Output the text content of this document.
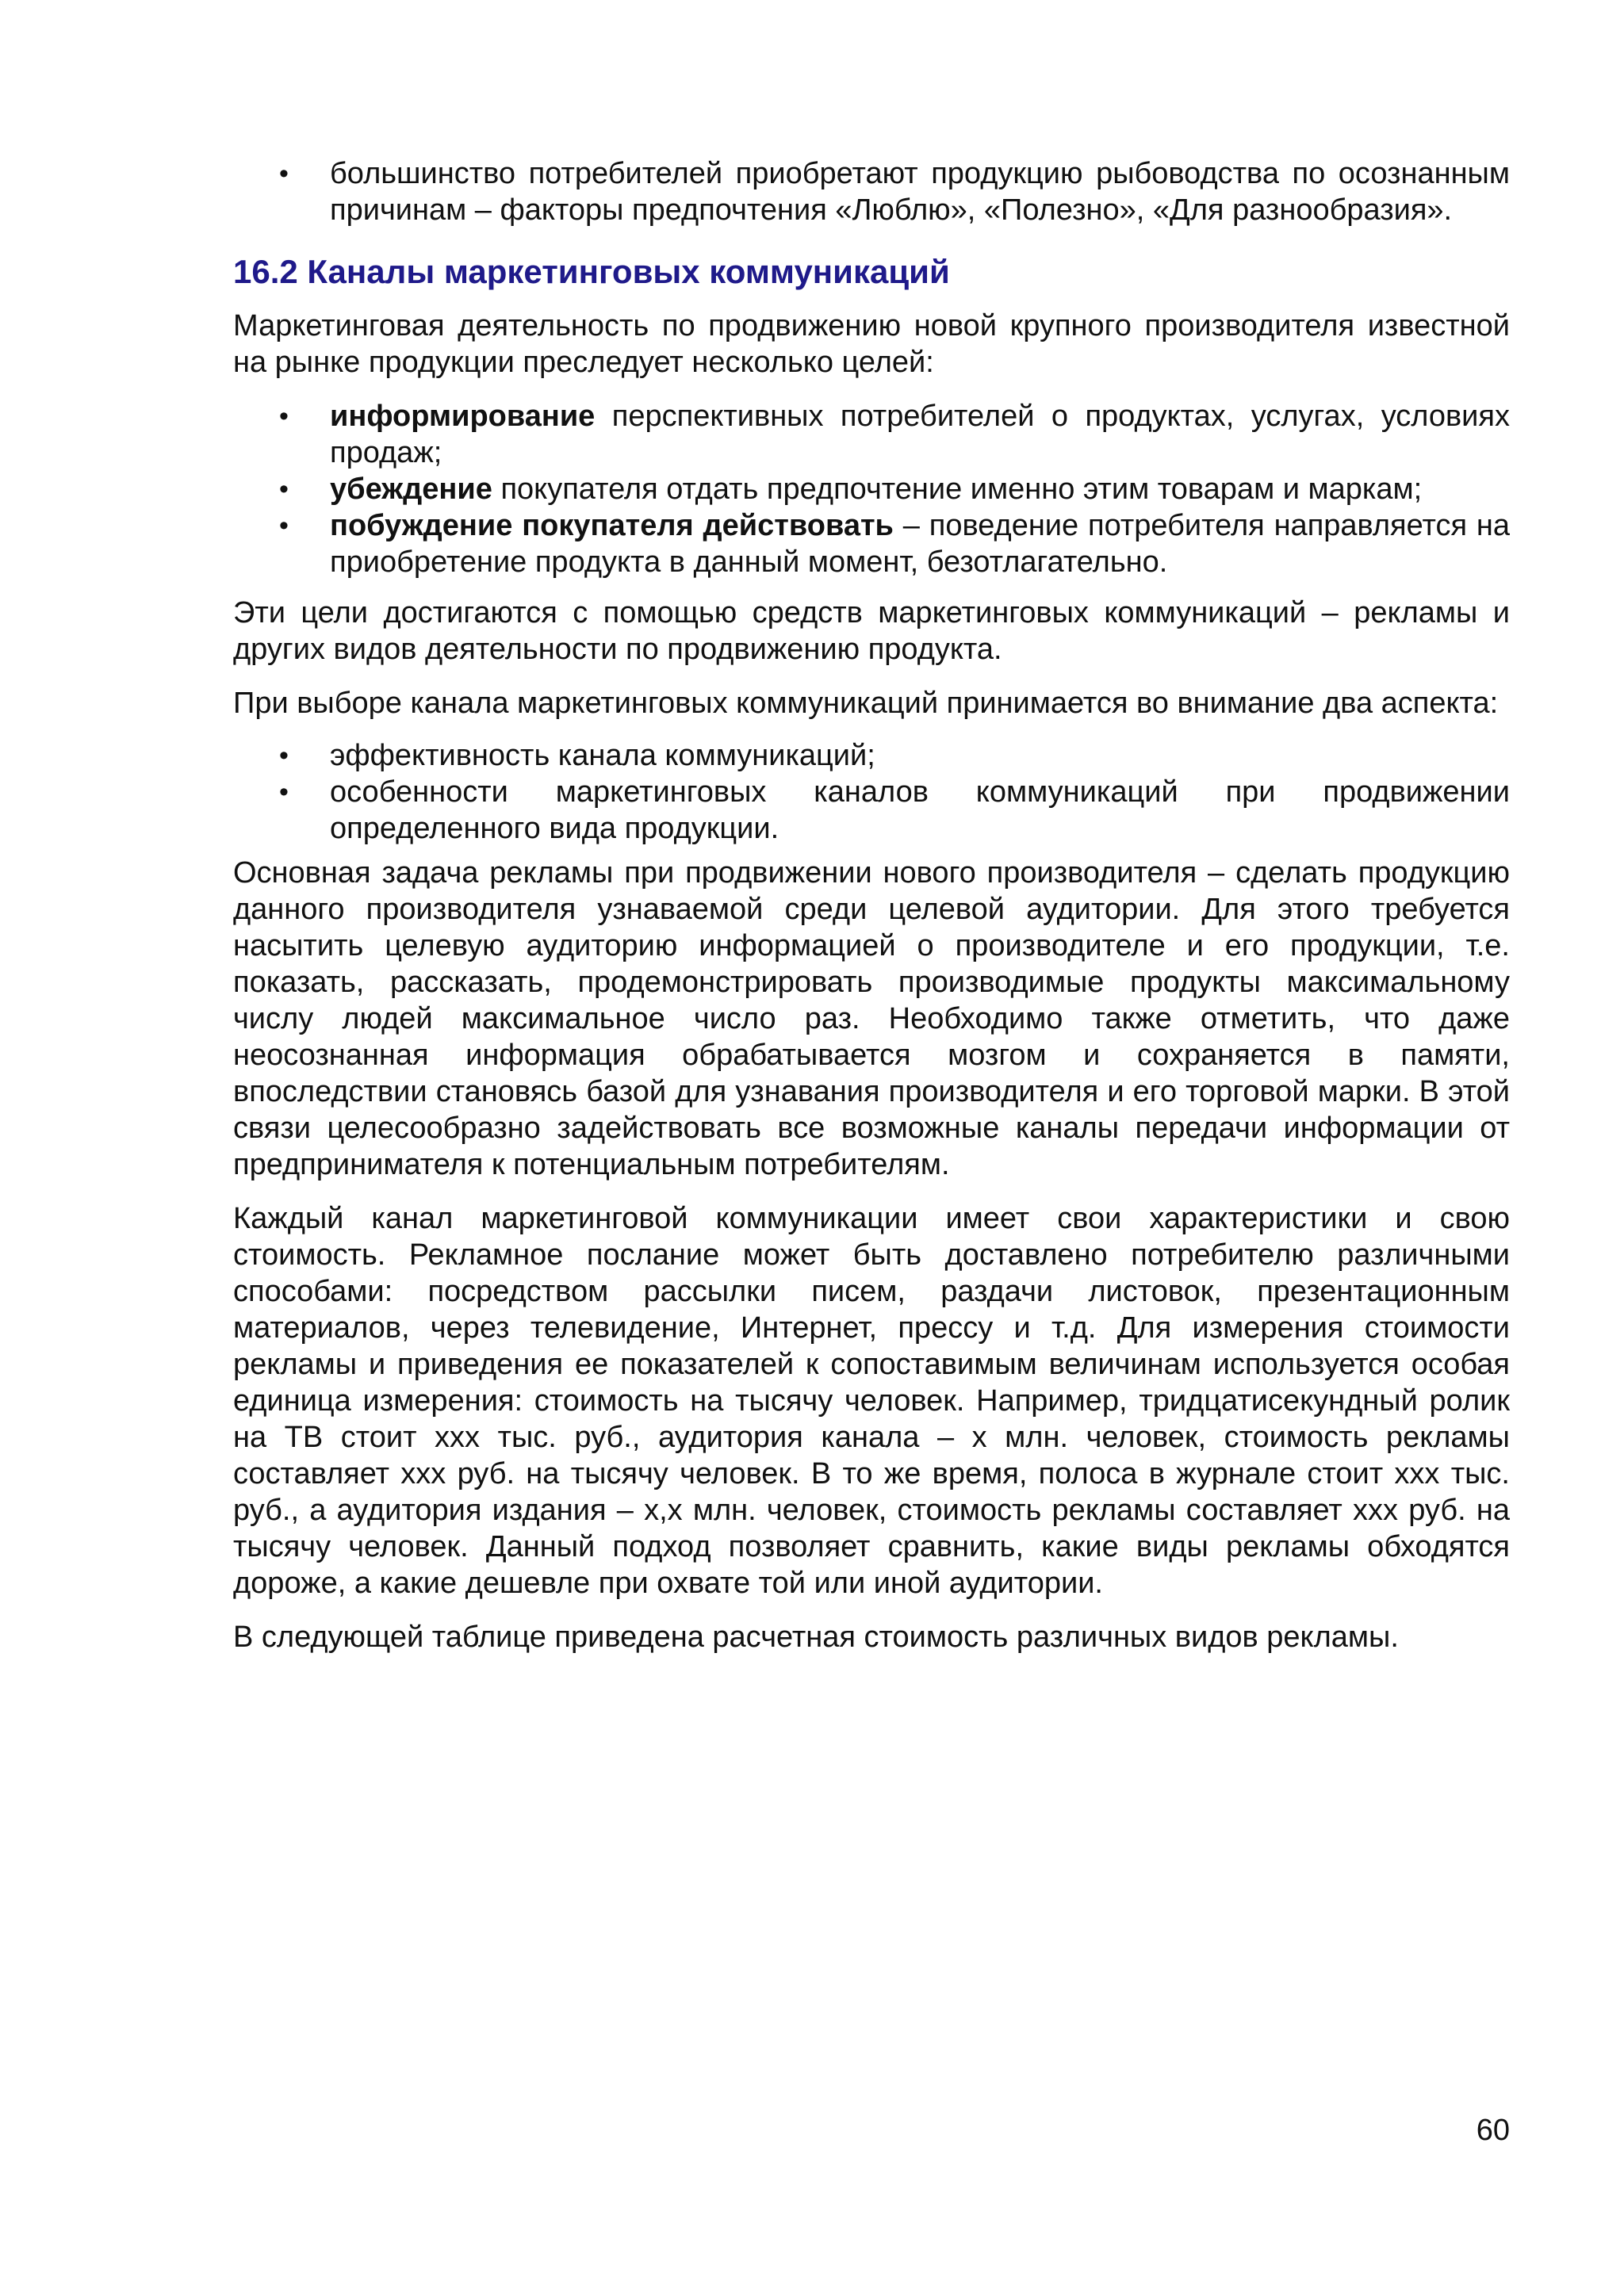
• большинство потребителей приобретают продукцию рыбоводства по осознанным причинам – факторы предпочтения «Люблю», «Полезно», «Для разнообразия».
16.2 Каналы маркетинговых коммуникаций

Маркетинговая деятельность по продвижению новой крупного производителя известной на рынке продукции преследует несколько целей:

• информирование перспективных потребителей о продуктах, услугах, условиях продаж;
• убеждение покупателя отдать предпочтение именно этим товарам и маркам;
• побуждение покупателя действовать – поведение потребителя направляется на приобретение продукта в данный момент, безотлагательно.

Эти цели достигаются с помощью средств маркетинговых коммуникаций – рекламы и других видов деятельности по продвижению продукта.

При выборе канала маркетинговых коммуникаций принимается во внимание два аспекта:

• эффективность канала коммуникаций;
• особенности маркетинговых каналов коммуникаций при продвижении определенного вида продукции.

Основная задача рекламы при продвижении нового производителя – сделать продукцию данного производителя узнаваемой среди целевой аудитории. Для этого требуется насытить целевую аудиторию информацией о производителе и его продукции, т.е. показать, рассказать, продемонстрировать производимые продукты максимальному числу людей максимальное число раз. Необходимо также отметить, что даже неосознанная информация обрабатывается мозгом и сохраняется в памяти, впоследствии становясь базой для узнавания производителя и его торговой марки. В этой связи целесообразно задействовать все возможные каналы передачи информации от предпринимателя к потенциальным потребителям.

Каждый канал маркетинговой коммуникации имеет свои характеристики и свою стоимость. Рекламное послание может быть доставлено потребителю различными способами: посредством рассылки писем, раздачи листовок, презентационным материалов, через телевидение, Интернет, прессу и т.д. Для измерения стоимости рекламы и приведения ее показателей к сопоставимым величинам используется особая единица измерения: стоимость на тысячу человек. Например, тридцатисекундный ролик на ТВ стоит ххх тыс. руб., аудитория канала – х млн. человек, стоимость рекламы составляет ххх руб. на тысячу человек. В то же время, полоса в журнале стоит ххх тыс. руб., а аудитория издания – х,х млн. человек, стоимость рекламы составляет ххх руб. на тысячу человек. Данный подход позволяет сравнить, какие виды рекламы обходятся дороже, а какие дешевле при охвате той или иной аудитории.

В следующей таблице приведена расчетная стоимость различных видов рекламы.

60
